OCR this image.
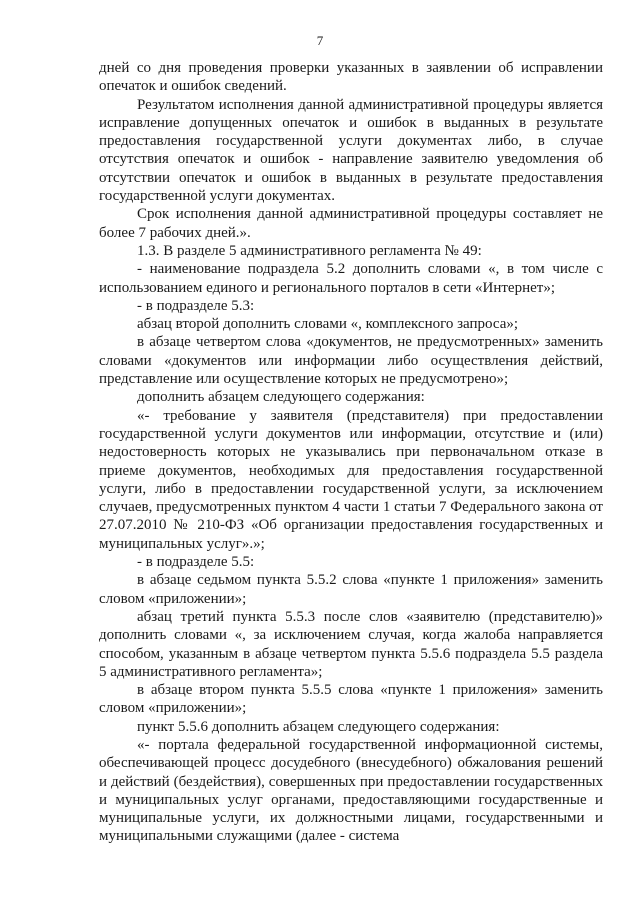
7

дней со дня проведения проверки указанных в заявлении об исправлении опечаток и ошибок сведений.

Результатом исполнения данной административной процедуры является исправление допущенных опечаток и ошибок в выданных в результате предоставления государственной услуги документах либо, в случае отсутствия опечаток и ошибок - направление заявителю уведомления об отсутствии опечаток и ошибок в выданных в результате предоставления государственной услуги документах.

Срок исполнения данной административной процедуры составляет не более 7 рабочих дней.».

1.3. В разделе 5 административного регламента № 49:

- наименование подраздела 5.2 дополнить словами «, в том числе с использованием единого и регионального порталов в сети «Интернет»;

- в подразделе 5.3:

абзац второй дополнить словами «, комплексного запроса»;

в абзаце четвертом слова «документов, не предусмотренных» заменить словами «документов или информации либо осуществления действий, представление или осуществление которых не предусмотрено»;

дополнить абзацем следующего содержания:

«- требование у заявителя (представителя) при предоставлении государственной услуги документов или информации, отсутствие и (или) недостоверность которых не указывались при первоначальном отказе в приеме документов, необходимых для предоставления государственной услуги, либо в предоставлении государственной услуги, за исключением случаев, предусмотренных пунктом 4 части 1 статьи 7 Федерального закона от 27.07.2010 № 210-ФЗ «Об организации предоставления государственных и муниципальных услуг».»;

- в подразделе 5.5:

в абзаце седьмом пункта 5.5.2 слова «пункте 1 приложения» заменить словом «приложении»;

абзац третий пункта 5.5.3 после слов «заявителю (представителю)» дополнить словами «, за исключением случая, когда жалоба направляется способом, указанным в абзаце четвертом пункта 5.5.6 подраздела 5.5 раздела 5 административного регламента»;

в абзаце втором пункта 5.5.5 слова «пункте 1 приложения» заменить словом «приложении»;

пункт 5.5.6 дополнить абзацем следующего содержания:

«- портала федеральной государственной информационной системы, обеспечивающей процесс досудебного (внесудебного) обжалования решений и действий (бездействия), совершенных при предоставлении государственных и муниципальных услуг органами, предоставляющими государственные и муниципальные услуги, их должностными лицами, государственными и муниципальными служащими (далее - система
